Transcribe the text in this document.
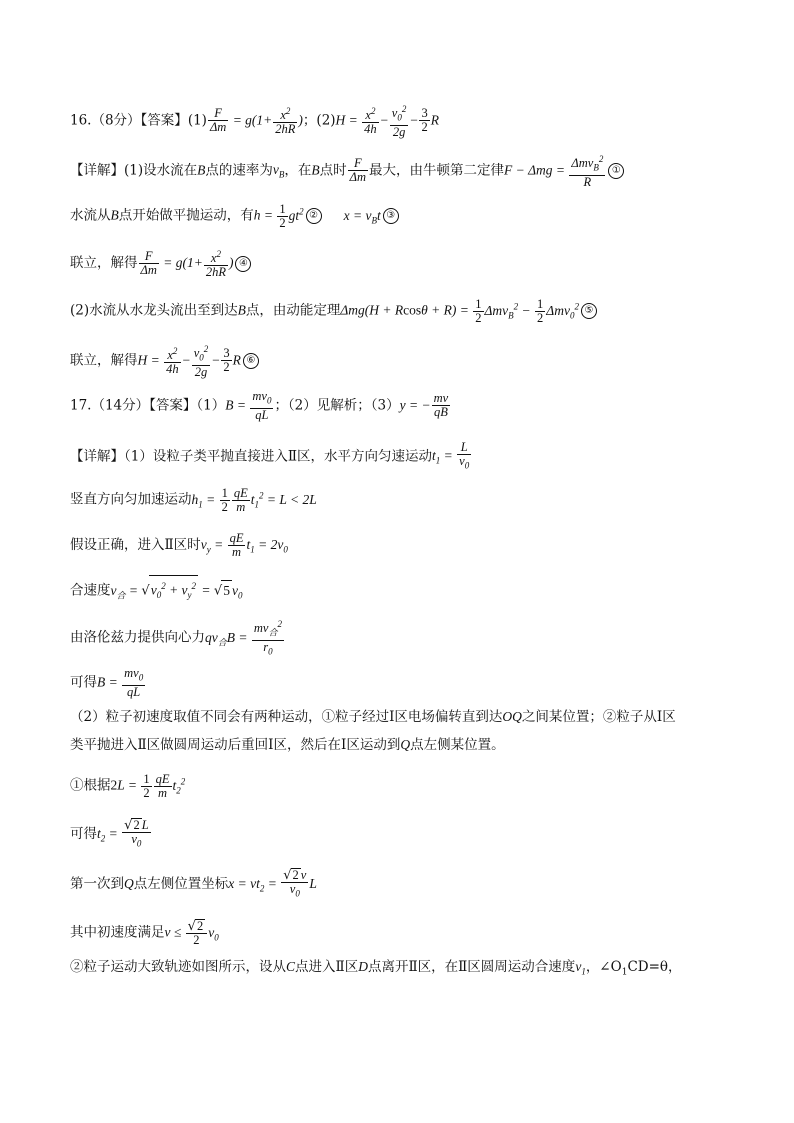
16.（8分）【答案】$(1) \frac{F}{\Delta m} = g(1+ \frac{x^2}{2hR}$ )；$(2)H = \frac{x^2}{4h} - \frac{v_0^2}{2g} - \frac{3}{2}$ R
【详解】(1)设水流在B点的速率为$v_B$，在B点时 $\frac{F}{\Delta m}$ 最大，由牛顿第二定律F − Δmg = Δmv$_B^2$
R
①
水流从B点开始做平抛运动，有$h = \frac{1}{2} gt^2$ ② $x = v_Bt$ ③
联立，解得 $\frac{F}{\Delta m} = g(1+ \frac{x^2}{2hR}$ ) ④
(2)水流从水龙头流出至到达B点，由动能定理$\Delta mg(H + Rcos\theta + R) = \frac{1}{2} \Delta mv_B^2 - \frac{1}{2} \Delta mv_0^2$ ⑤
联立，解得$H = \frac{x^2}{4h} - \frac{v_0^2}{2g} - \frac{3}{2}$ R ⑥
17.（14分）【答案】$(1)B = \frac{mv_0}{qL}$ ；（2）见解析；（3）y = − $\frac{mv}{qB}$
【详解】（1）设粒子类平抛直接进入Ⅱ区，水平方向匀速运动$t_1 = \frac{L}{v_0}$
竖直方向匀加速运动$h_1 = \frac{1}{2} \frac{qE}{m} t_1^2 = L < 2L$
假设正确，进入Ⅱ区时$v_y = \frac{qE}{m} t_1 = 2v_0$
合速度$v_合 = √v_0^2 + v_y^2 = √5$ $v_0$
由洛伦兹力提供向心力$qv_合B$ =
$mv_合^2$
$r_0$
可得$B = \frac{mv_0}{qL}$
（2）粒子初速度取值不同会有两种运动，①粒子经过Ⅰ区电场偏转直到达OQ之间某位置；②粒子从Ⅰ区
类平抛进入Ⅱ区做圆周运动后重回Ⅰ区，然后在Ⅰ区运动到Q点左侧某位置。
①根据$2L = \frac{1}{2} \frac{qE}{m} t_2^2$
可得$t_2 = \frac{√2 L}{v_0}$
第一次到Q点左侧位置坐标$x = vt_2 = \frac{√2 v}{v_0}$ L
其中初速度满足$v \le \frac{√2}{2} v_0$
②粒子运动大致轨迹如图所示，设从C点进入Ⅱ区D点离开Ⅱ区，在Ⅱ区圆周运动合速度$v_1$，$\angle O_1CD=\theta$，
